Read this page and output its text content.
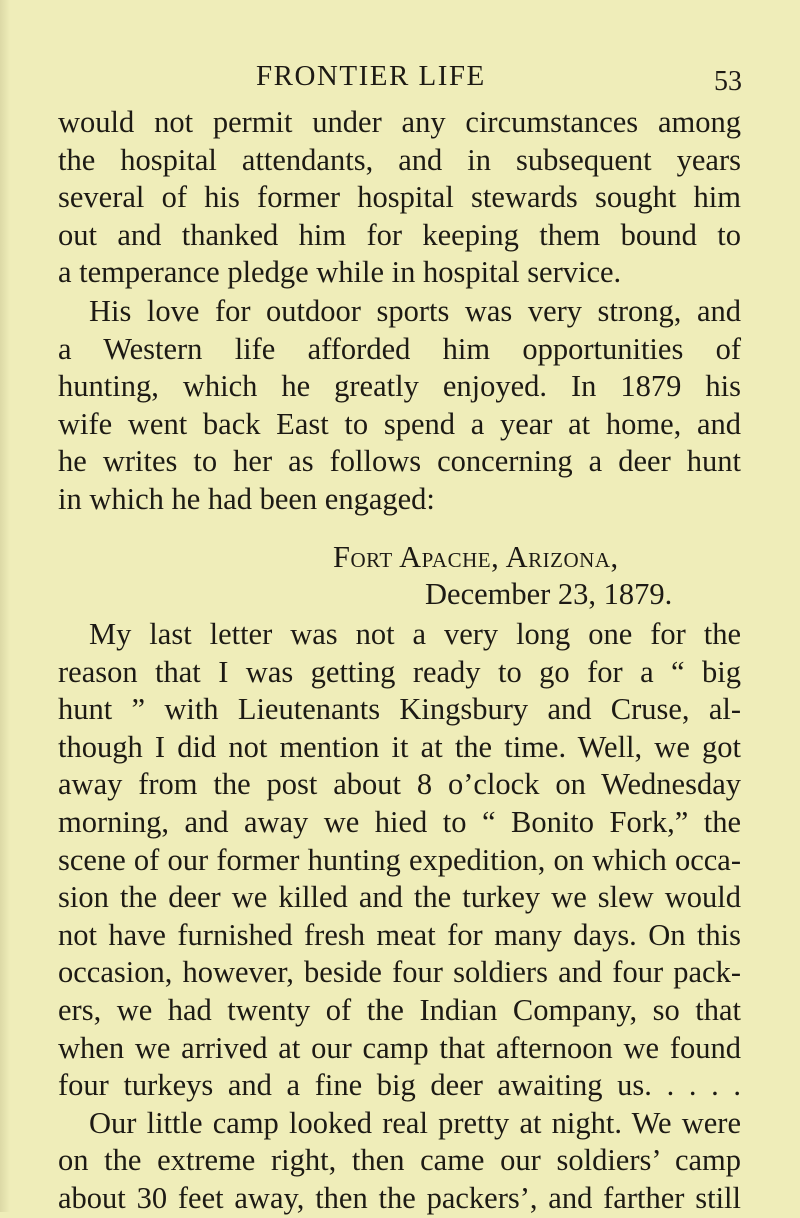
FRONTIER LIFE	53
would not permit under any circumstances among
the hospital attendants, and in subsequent years
several of his former hospital stewards sought him
out and thanked him for keeping them bound to
a temperance pledge while in hospital service.
His love for outdoor sports was very strong, and
a Western life afforded him opportunities of
hunting, which he greatly enjoyed. In 1879 his
wife went back East to spend a year at home, and
he writes to her as follows concerning a deer hunt
in which he had been engaged:
Fort Apache, Arizona,
December 23, 1879.
My last letter was not a very long one for the
reason that I was getting ready to go for a “ big
hunt ” with Lieutenants Kingsbury and Cruse, al-
though I did not mention it at the time. Well, we got
away from the post about 8 o’clock on Wednesday
morning, and away we hied to “ Bonito Fork,” the
scene of our former hunting expedition, on which occa-
sion the deer we killed and the turkey we slew would
not have furnished fresh meat for many days. On this
occasion, however, beside four soldiers and four pack-
ers, we had twenty of the Indian Company, so that
when we arrived at our camp that afternoon we found
four turkeys and a fine big deer awaiting us. . . . .
Our little camp looked real pretty at night. We were
on the extreme right, then came our soldiers’ camp
about 30 feet away, then the packers’, and farther still
